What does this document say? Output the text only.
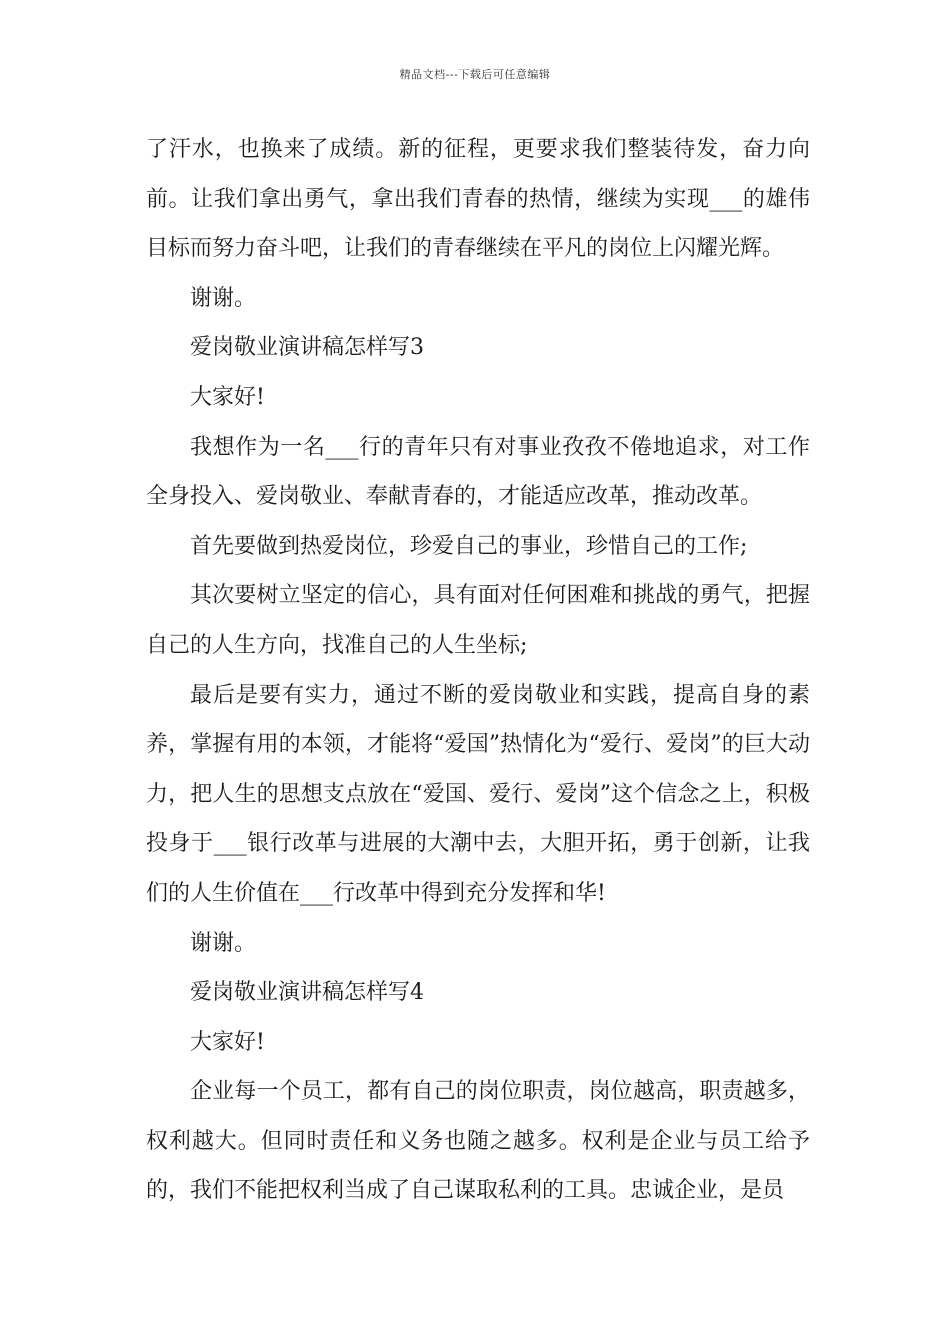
精品文档---下载后可任意编辑

了汗水，也换来了成绩。新的征程，更要求我们整装待发，奋力向前。让我们拿出勇气，拿出我们青春的热情，继续为实现___的雄伟目标而努力奋斗吧，让我们的青春继续在平凡的岗位上闪耀光辉。

谢谢。

爱岗敬业演讲稿怎样写3

大家好!

我想作为一名___行的青年只有对事业孜孜不倦地追求，对工作全身投入、爱岗敬业、奉献青春的，才能适应改革，推动改革。

首先要做到热爱岗位，珍爱自己的事业，珍惜自己的工作;

其次要树立坚定的信心，具有面对任何困难和挑战的勇气，把握自己的人生方向，找准自己的人生坐标;

最后是要有实力，通过不断的爱岗敬业和实践，提高自身的素养，掌握有用的本领，才能将“爱国”热情化为“爱行、爱岗”的巨大动力，把人生的思想支点放在“爱国、爱行、爱岗”这个信念之上，积极投身于___银行改革与进展的大潮中去，大胆开拓，勇于创新，让我们的人生价值在___行改革中得到充分发挥和华!

谢谢。

爱岗敬业演讲稿怎样写4

大家好!

企业每一个员工，都有自己的岗位职责，岗位越高，职责越多，权利越大。但同时责任和义务也随之越多。权利是企业与员工给予的，我们不能把权利当成了自己谋取私利的工具。忠诚企业，是员
